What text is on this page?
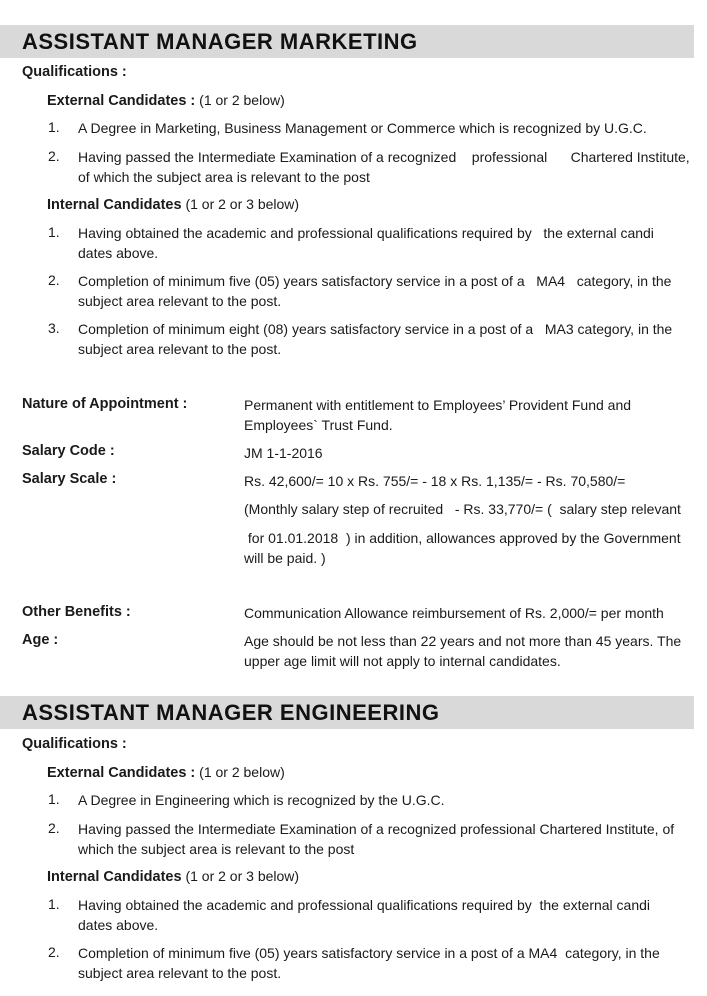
ASSISTANT MANAGER MARKETING
Qualifications :
External Candidates : (1 or 2 below)
1. A Degree in Marketing, Business Management or Commerce which is recognized by U.G.C.
2. Having passed the Intermediate Examination of a recognized    professional      Chartered Institute,
of which the subject area is relevant to the post
Internal Candidates (1 or 2 or 3 below)
1. Having obtained the academic and professional qualifications required by   the external candi
dates above.
2. Completion of minimum five (05) years satisfactory service in a post of a   MA4   category, in the
subject area relevant to the post.
3. Completion of minimum eight (08) years satisfactory service in a post of a   MA3 category, in the
subject area relevant to the post.
Nature of Appointment :	Permanent with entitlement to Employees’ Provident Fund and
Employees` Trust Fund.
Salary Code :	JM 1-1-2016
Salary Scale :	Rs. 42,600/= 10 x Rs. 755/= - 18 x Rs. 1,135/= - Rs. 70,580/=
(Monthly salary step of recruited   - Rs. 33,770/= (  salary step relevant
for 01.01.2018  ) in addition, allowances approved by the Government
will be paid. )
Other Benefits :	Communication Allowance reimbursement of Rs. 2,000/= per month
Age :	Age should be not less than 22 years and not more than 45 years. The
upper age limit will not apply to internal candidates.
ASSISTANT MANAGER ENGINEERING
Qualifications :
External Candidates : (1 or 2 below)
1. A Degree in Engineering which is recognized by the U.G.C.
2. Having passed the Intermediate Examination of a recognized professional Chartered Institute, of
which the subject area is relevant to the post
Internal Candidates (1 or 2 or 3 below)
1. Having obtained the academic and professional qualifications required by  the external candi
dates above.
2. Completion of minimum five (05) years satisfactory service in a post of a MA4  category, in the
subject area relevant to the post.
